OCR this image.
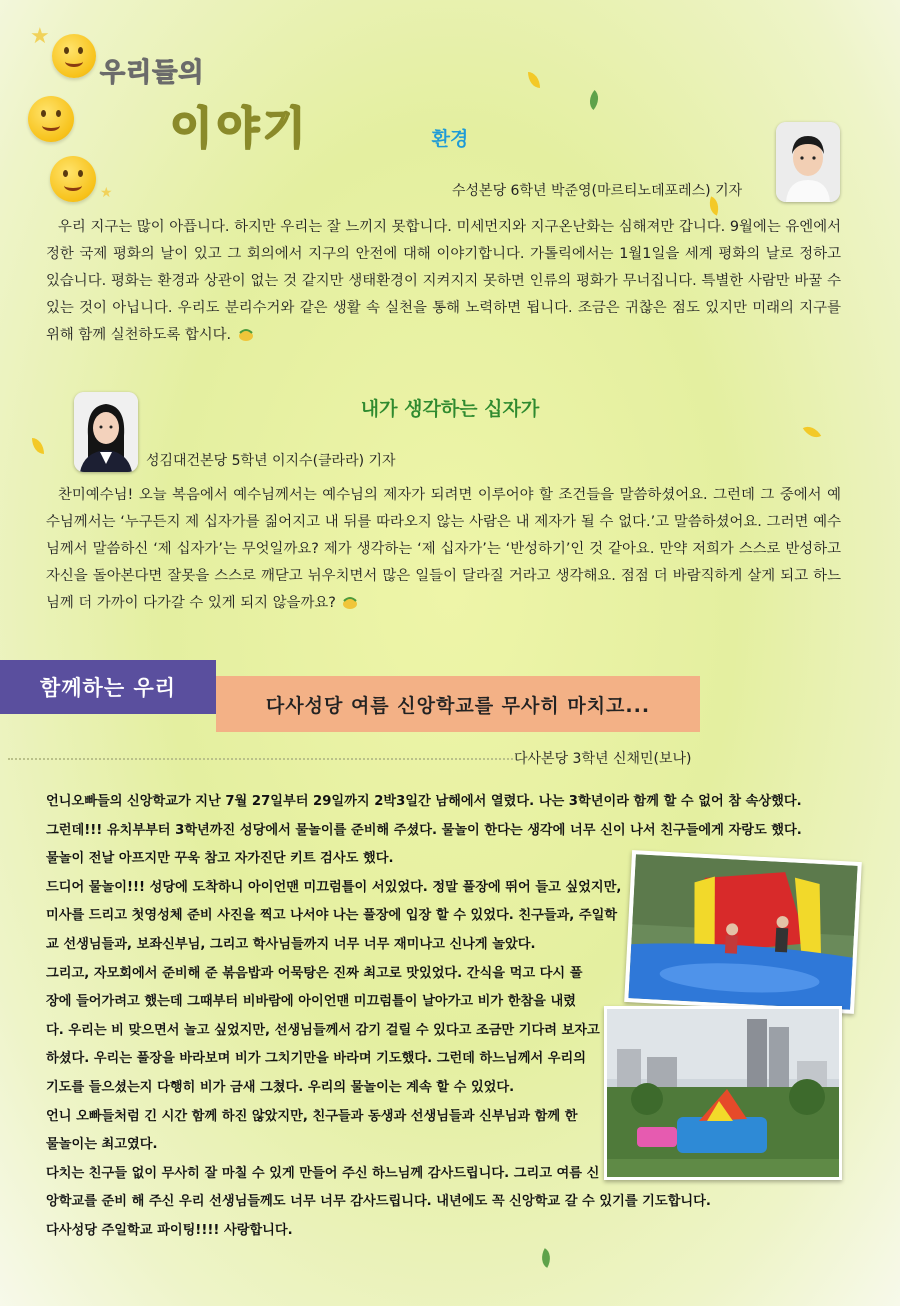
★
★
우리들의
이야기	환경
수성본당 6학년 박준영(마르티노데포레스) 기자
우리 지구는 많이 아픕니다. 하지만 우리는 잘 느끼지 못합니다. 미세먼지와 지구온난화는 심해져만 갑니다. 9월에는 유엔에서 정한 국제 평화의 날이 있고 그 회의에서 지구의 안전에 대해 이야기합니다. 가톨릭에서는 1월1일을 세계 평화의 날로 정하고 있습니다. 평화는 환경과 상관이 없는 것 같지만 생태환경이 지켜지지 못하면 인류의 평화가 무너집니다. 특별한 사람만 바꿀 수 있는 것이 아닙니다. 우리도 분리수거와 같은 생활 속 실천을 통해 노력하면 됩니다. 조금은 귀찮은 점도 있지만 미래의 지구를 위해 함께 실천하도록 합시다.
내가 생각하는 십자가
성김대건본당 5학년 이지수(클라라) 기자
찬미예수님! 오늘 복음에서 예수님께서는 예수님의 제자가 되려면 이루어야 할 조건들을 말씀하셨어요. 그런데 그 중에서 예수님께서는 ‘누구든지 제 십자가를 짊어지고 내 뒤를 따라오지 않는 사람은 내 제자가 될 수 없다.’고 말씀하셨어요. 그러면 예수님께서 말씀하신 ‘제 십자가’는 무엇일까요? 제가 생각하는 ‘제 십자가’는 ‘반성하기’인 것 같아요. 만약 저희가 스스로 반성하고 자신을 돌아본다면 잘못을 스스로 깨닫고 뉘우치면서 많은 일들이 달라질 거라고 생각해요. 점점 더 바람직하게 살게 되고 하느님께 더 가까이 다가갈 수 있게 되지 않을까요?
다사성당 여름 신앙학교를 무사히 마치고...
함께하는 우리
다사본당 3학년 신채민(보나)

언니오빠들의 신앙학교가 지난 7월 27일부터 29일까지 2박3일간 남해에서 열렸다. 나는 3학년이라 함께 할 수 없어 참 속상했다.

그런데!!! 유치부부터 3학년까진 성당에서 물놀이를 준비해 주셨다. 물놀이 한다는 생각에 너무 신이 나서 친구들에게 자랑도 했다.

물놀이 전날 아프지만 꾸욱 참고 자가진단 키트 검사도 했다.

드디어 물놀이!!! 성당에 도착하니 아이언맨 미끄럼틀이 서있었다. 정말 풀장에 뛰어 들고 싶었지만,

미사를 드리고 첫영성체 준비 사진을 찍고 나서야 나는 풀장에 입장 할 수 있었다. 친구들과, 주일학

교 선생님들과, 보좌신부님, 그리고 학사님들까지 너무 너무 재미나고 신나게 놀았다.

그리고, 자모회에서 준비해 준 볶음밥과 어묵탕은 진짜 최고로 맛있었다. 간식을 먹고 다시 풀

장에 들어가려고 했는데 그때부터 비바람에 아이언맨 미끄럼틀이 날아가고 비가 한참을 내렸

다. 우리는 비 맞으면서 놀고 싶었지만, 선생님들께서 감기 걸릴 수 있다고 조금만 기다려 보자고

하셨다. 우리는 풀장을 바라보며 비가 그치기만을 바라며 기도했다. 그런데 하느님께서 우리의

기도를 들으셨는지 다행히 비가 금새 그쳤다. 우리의 물놀이는 계속 할 수 있었다.

언니 오빠들처럼 긴 시간 함께 하진 않았지만, 친구들과 동생과 선생님들과 신부님과 함께 한

물놀이는 최고였다.

다치는 친구들 없이 무사히 잘 마칠 수 있게 만들어 주신 하느님께 감사드립니다. 그리고 여름 신

앙학교를 준비 해 주신 우리 선생님들께도 너무 너무 감사드립니다. 내년에도 꼭 신앙학교 갈 수 있기를 기도합니다.

다사성당 주일학교 파이팅!!!! 사랑합니다.
